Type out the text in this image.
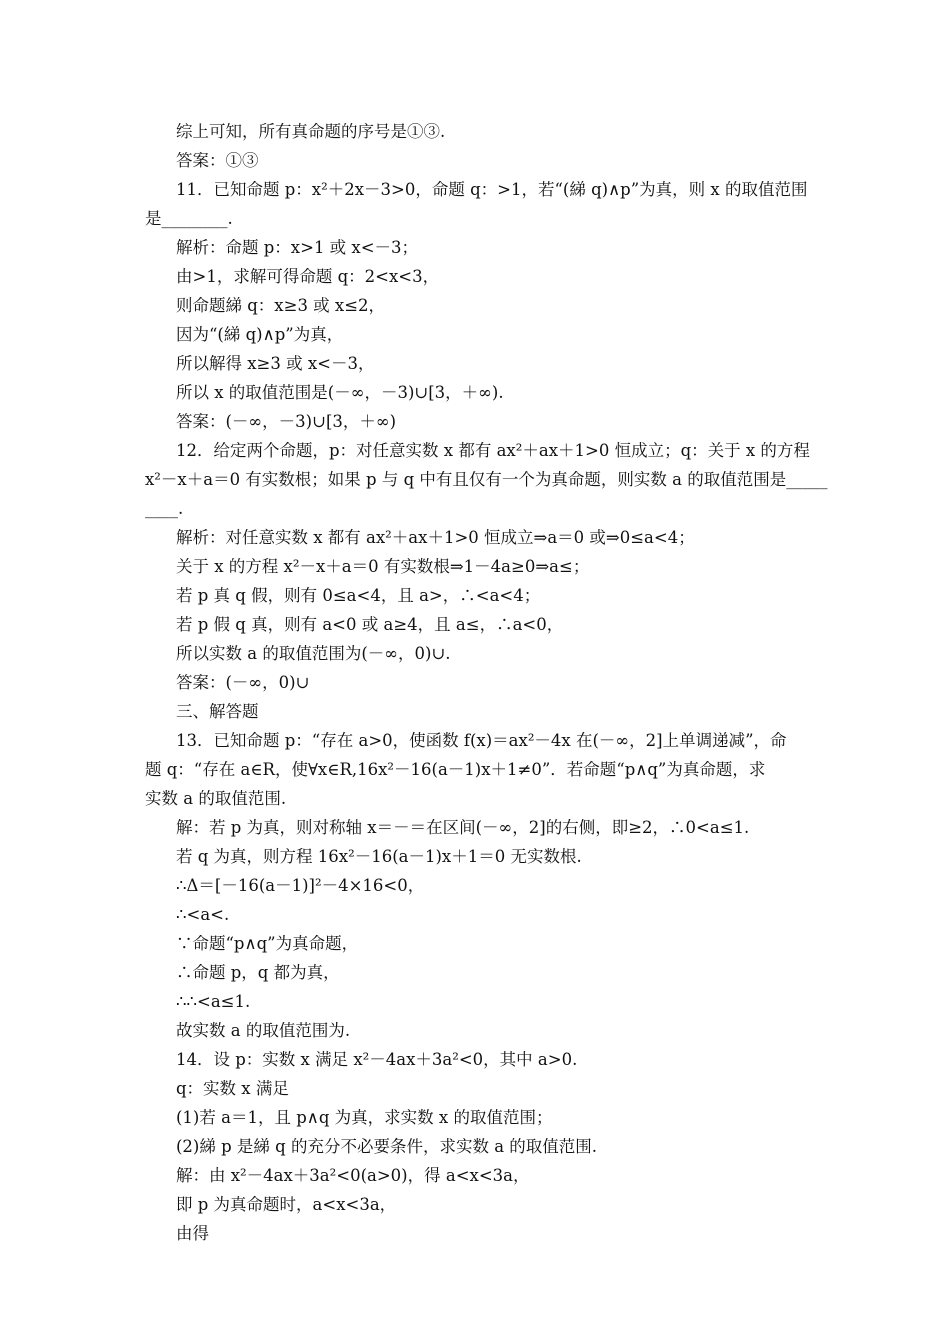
综上可知，所有真命题的序号是①③.
答案：①③
11．已知命题 p：x²＋2x－3>0，命题 q：>1，若“(綈 q)∧p”为真，则 x 的取值范围
是________.
解析：命题 p：x>1 或 x<－3；
由>1，求解可得命题 q：2<x<3，
则命题綈 q：x≥3 或 x≤2，
因为“(綈 q)∧p”为真，
所以解得 x≥3 或 x<－3，
所以 x 的取值范围是(－∞，－3)∪[3，＋∞).
答案：(－∞，－3)∪[3，＋∞)
12．给定两个命题，p：对任意实数 x 都有 ax²＋ax＋1>0 恒成立；q：关于 x 的方程
x²－x＋a＝0 有实数根；如果 p 与 q 中有且仅有一个为真命题，则实数 a 的取值范围是_____
____.
解析：对任意实数 x 都有 ax²＋ax＋1>0 恒成立⇒a＝0 或⇒0≤a<4；
关于 x 的方程 x²－x＋a＝0 有实数根⇒1－4a≥0⇒a≤；
若 p 真 q 假，则有 0≤a<4，且 a>，∴<a<4；
若 p 假 q 真，则有 a<0 或 a≥4，且 a≤，∴a<0，
所以实数 a 的取值范围为(－∞，0)∪.
答案：(－∞，0)∪
三、解答题
13．已知命题 p：“存在 a>0，使函数 f(x)＝ax²－4x 在(－∞，2]上单调递减”，命
题 q：“存在 a∈R，使∀x∈R,16x²－16(a－1)x＋1≠0”．若命题“p∧q”为真命题，求
实数 a 的取值范围.
解：若 p 为真，则对称轴 x＝－＝在区间(－∞，2]的右侧，即≥2，∴0<a≤1.
若 q 为真，则方程 16x²－16(a－1)x＋1＝0 无实数根.
∴Δ＝[－16(a－1)]²－4×16<0，
∴<a<.
∵命题“p∧q”为真命题，
∴命题 p，q 都为真，
∴∴<a≤1.
故实数 a 的取值范围为.
14．设 p：实数 x 满足 x²－4ax＋3a²<0，其中 a>0.
q：实数 x 满足
(1)若 a＝1，且 p∧q 为真，求实数 x 的取值范围；
(2)綈 p 是綈 q 的充分不必要条件，求实数 a 的取值范围.
解：由 x²－4ax＋3a²<0(a>0)，得 a<x<3a，
即 p 为真命题时，a<x<3a，
由得
